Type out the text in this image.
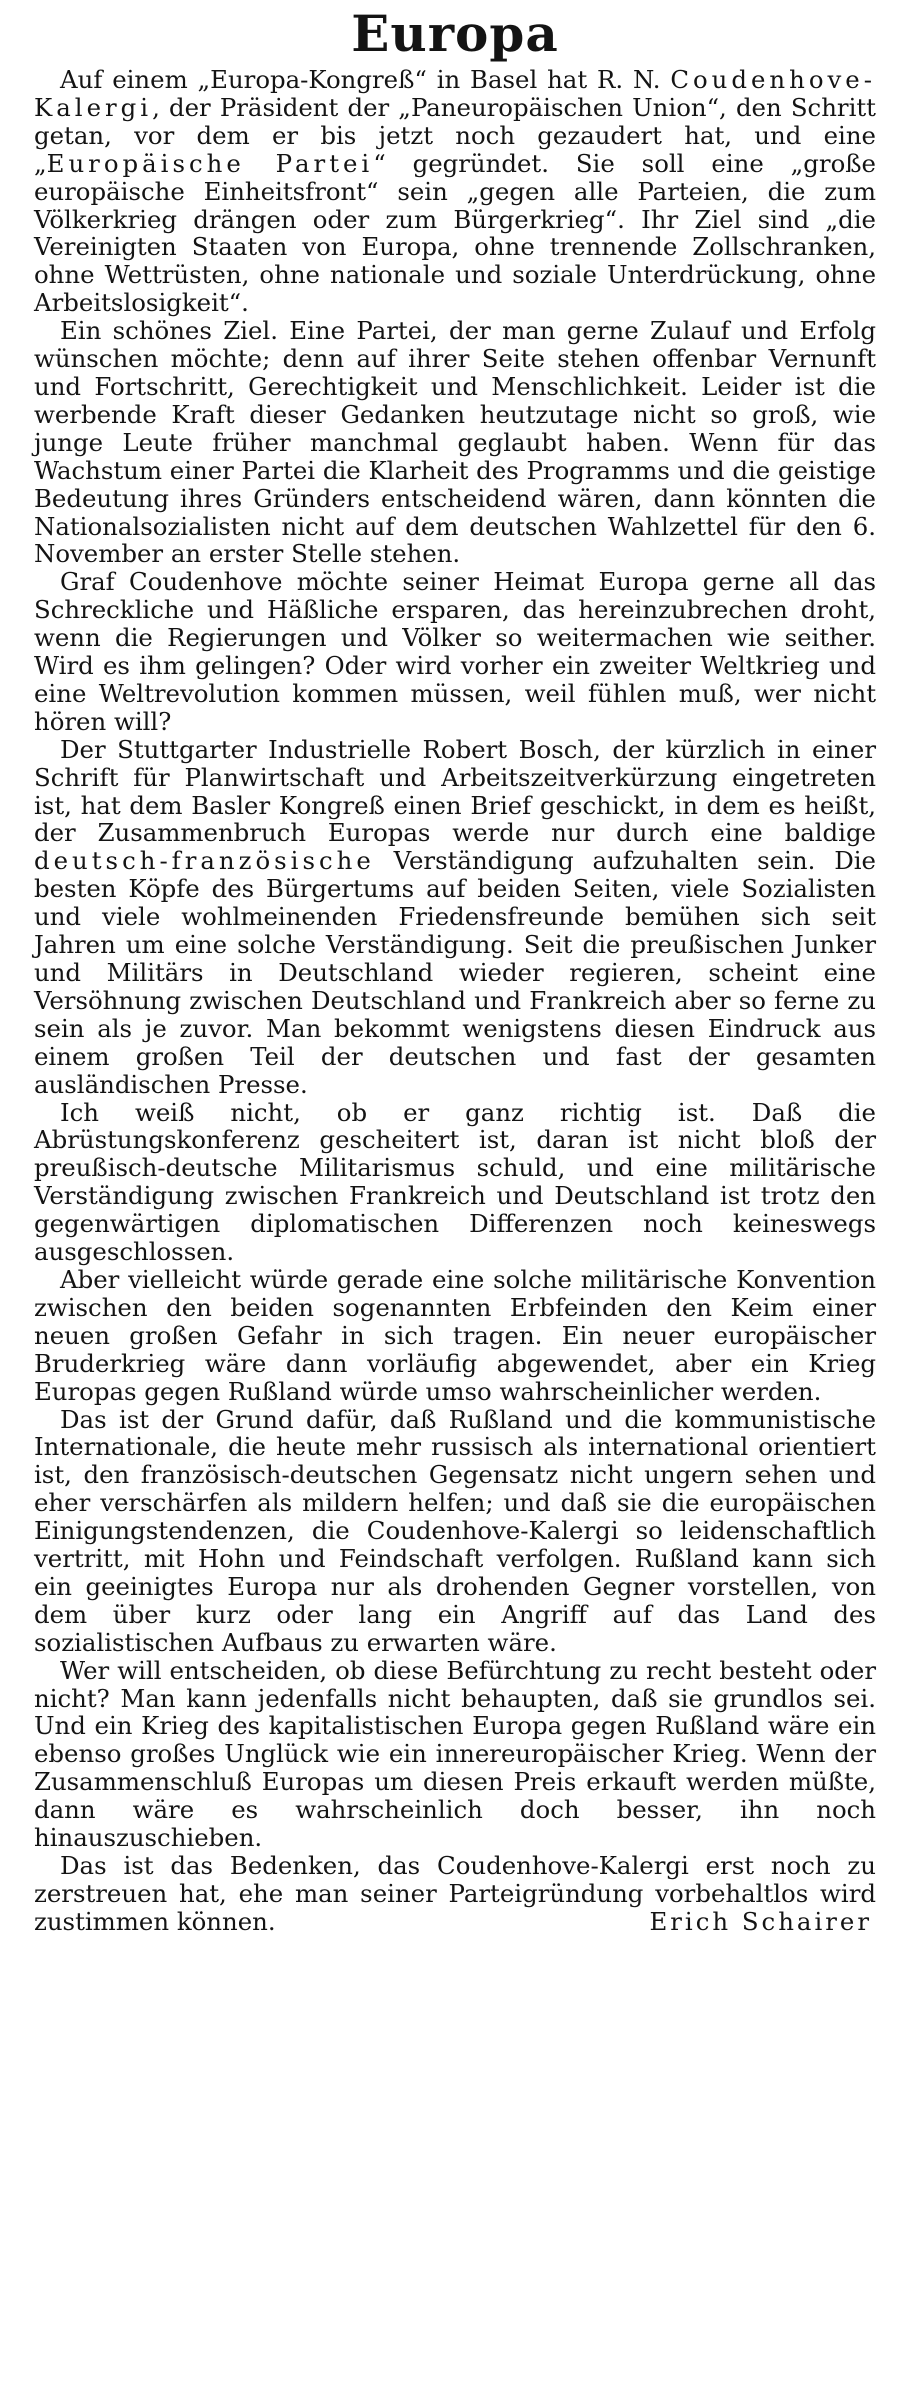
Europa

Auf einem „Europa-Kongreß“ in Basel hat R. N. Coudenhove-Kalergi, der Präsident der „Paneuropäischen Union“, den Schritt getan, vor dem er bis jetzt noch gezaudert hat, und eine „Europäische Partei“ gegründet. Sie soll eine „große europäische Einheitsfront“ sein „gegen alle Parteien, die zum Völkerkrieg drängen oder zum Bürgerkrieg“. Ihr Ziel sind „die Vereinigten Staaten von Europa, ohne trennende Zollschranken, ohne Wettrüsten, ohne nationale und soziale Unterdrückung, ohne Arbeitslosigkeit“.

Ein schönes Ziel. Eine Partei, der man gerne Zulauf und Erfolg wünschen möchte; denn auf ihrer Seite stehen offenbar Vernunft und Fortschritt, Gerechtigkeit und Menschlichkeit. Leider ist die werbende Kraft dieser Gedanken heutzutage nicht so groß, wie junge Leute früher manchmal geglaubt haben. Wenn für das Wachstum einer Partei die Klarheit des Programms und die geistige Bedeutung ihres Gründers entscheidend wären, dann könnten die Nationalsozialisten nicht auf dem deutschen Wahlzettel für den 6. November an erster Stelle stehen.

Graf Coudenhove möchte seiner Heimat Europa gerne all das Schreckliche und Häßliche ersparen, das hereinzubrechen droht, wenn die Regierungen und Völker so weitermachen wie seither. Wird es ihm gelingen? Oder wird vorher ein zweiter Weltkrieg und eine Weltrevolution kommen müssen, weil fühlen muß, wer nicht hören will?

Der Stuttgarter Industrielle Robert Bosch, der kürzlich in einer Schrift für Planwirtschaft und Arbeitszeitverkürzung eingetreten ist, hat dem Basler Kongreß einen Brief geschickt, in dem es heißt, der Zusammenbruch Europas werde nur durch eine baldige deutsch-französische Verständigung aufzuhalten sein. Die besten Köpfe des Bürgertums auf beiden Seiten, viele Sozialisten und viele wohlmeinenden Friedensfreunde bemühen sich seit Jahren um eine solche Verständigung. Seit die preußischen Junker und Militärs in Deutschland wieder regieren, scheint eine Versöhnung zwischen Deutschland und Frankreich aber so ferne zu sein als je zuvor. Man bekommt wenigstens diesen Eindruck aus einem großen Teil der deutschen und fast der gesamten ausländischen Presse.

Ich weiß nicht, ob er ganz richtig ist. Daß die Abrüstungskonferenz gescheitert ist, daran ist nicht bloß der preußisch-deutsche Militarismus schuld, und eine militärische Verständigung zwischen Frankreich und Deutschland ist trotz den gegenwärtigen diplomatischen Differenzen noch keineswegs ausgeschlossen.

Aber vielleicht würde gerade eine solche militärische Konvention zwischen den beiden sogenannten Erbfeinden den Keim einer neuen großen Gefahr in sich tragen. Ein neuer europäischer Bruderkrieg wäre dann vorläufig abgewendet, aber ein Krieg Europas gegen Rußland würde umso wahrscheinlicher werden.

Das ist der Grund dafür, daß Rußland und die kommunistische Internationale, die heute mehr russisch als international orientiert ist, den französisch-deutschen Gegensatz nicht ungern sehen und eher verschärfen als mildern helfen; und daß sie die europäischen Einigungstendenzen, die Coudenhove-Kalergi so leidenschaftlich vertritt, mit Hohn und Feindschaft verfolgen. Rußland kann sich ein geeinigtes Europa nur als drohenden Gegner vorstellen, von dem über kurz oder lang ein Angriff auf das Land des sozialistischen Aufbaus zu erwarten wäre.

Wer will entscheiden, ob diese Befürchtung zu recht besteht oder nicht? Man kann jedenfalls nicht behaupten, daß sie grundlos sei. Und ein Krieg des kapitalistischen Europa gegen Rußland wäre ein ebenso großes Unglück wie ein innereuropäischer Krieg. Wenn der Zusammenschluß Europas um diesen Preis erkauft werden müßte, dann wäre es wahrscheinlich doch besser, ihn noch hinauszuschieben.

Das ist das Bedenken, das Coudenhove-Kalergi erst noch zu zerstreuen hat, ehe man seiner Parteigründung vorbehaltlos wird zustimmen können.	Erich Schairer
